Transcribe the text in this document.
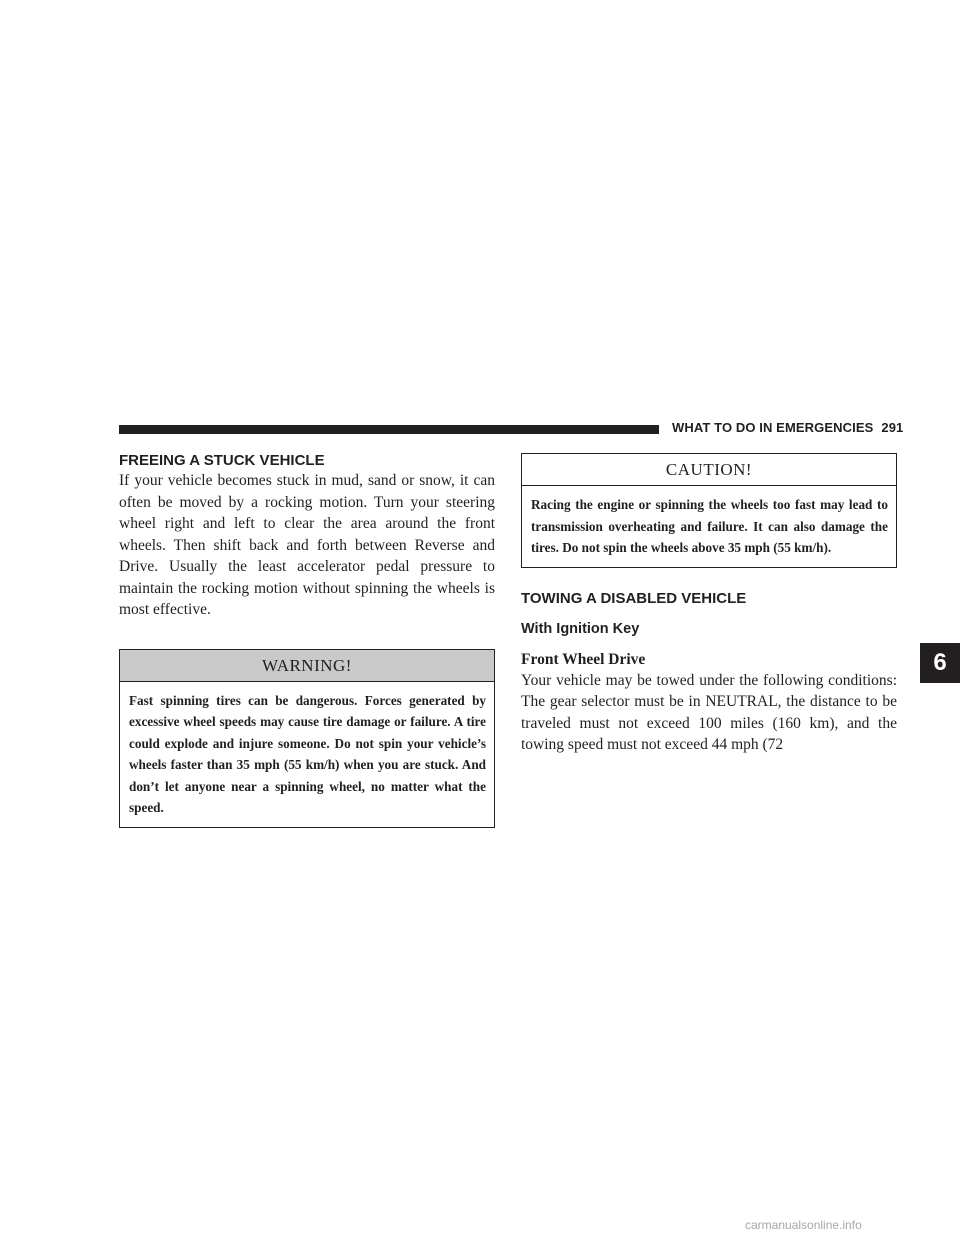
WHAT TO DO IN EMERGENCIES 291
FREEING A STUCK VEHICLE

If your vehicle becomes stuck in mud, sand or snow, it can often be moved by a rocking motion. Turn your steering wheel right and left to clear the area around the front wheels. Then shift back and forth between Reverse and Drive. Usually the least accelerator pedal pressure to maintain the rocking motion without spinning the wheels is most effective.

WARNING!
Fast spinning tires can be dangerous. Forces generated by excessive wheel speeds may cause tire damage or failure. A tire could explode and injure someone. Do not spin your vehicle’s wheels faster than 35 mph (55 km/h) when you are stuck. And don’t let anyone near a spinning wheel, no matter what the speed.
CAUTION!
Racing the engine or spinning the wheels too fast may lead to transmission overheating and failure. It can also damage the tires. Do not spin the wheels above 35 mph (55 km/h).
TOWING A DISABLED VEHICLE
With Ignition Key
Front Wheel Drive

Your vehicle may be towed under the following conditions: The gear selector must be in NEUTRAL, the distance to be traveled must not exceed 100 miles (160 km), and the towing speed must not exceed 44 mph (72

6
carmanualsonline.info
